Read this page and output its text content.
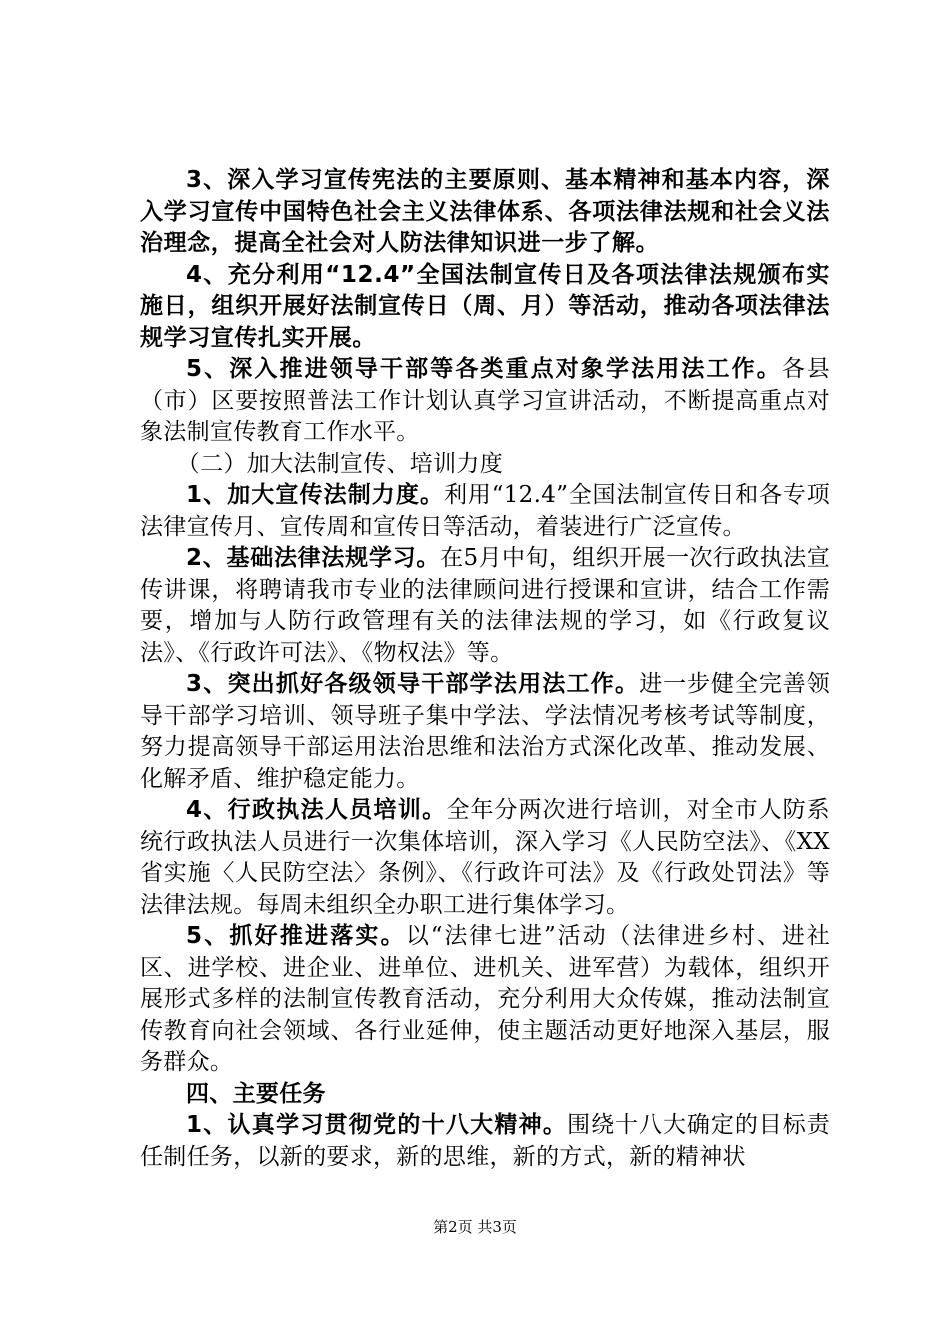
3、深入学习宣传宪法的主要原则、基本精神和基本内容，深入学习宣传中国特色社会主义法律体系、各项法律法规和社会义法治理念，提高全社会对人防法律知识进一步了解。

4、充分利用“12.4”全国法制宣传日及各项法律法规颁布实施日，组织开展好法制宣传日（周、月）等活动，推动各项法律法规学习宣传扎实开展。

5、深入推进领导干部等各类重点对象学法用法工作。各县（市）区要按照普法工作计划认真学习宣讲活动，不断提高重点对象法制宣传教育工作水平。

（二）加大法制宣传、培训力度

1、加大宣传法制力度。利用“12.4”全国法制宣传日和各专项法律宣传月、宣传周和宣传日等活动，着装进行广泛宣传。

2、基础法律法规学习。在5月中旬，组织开展一次行政执法宣传讲课，将聘请我市专业的法律顾问进行授课和宣讲，结合工作需要，增加与人防行政管理有关的法律法规的学习，如《行政复议法》、《行政许可法》、《物权法》等。

3、突出抓好各级领导干部学法用法工作。进一步健全完善领导干部学习培训、领导班子集中学法、学法情况考核考试等制度，努力提高领导干部运用法治思维和法治方式深化改革、推动发展、化解矛盾、维护稳定能力。

4、行政执法人员培训。全年分两次进行培训，对全市人防系统行政执法人员进行一次集体培训，深入学习《人民防空法》、《XX省实施〈人民防空法〉条例》、《行政许可法》及《行政处罚法》等法律法规。每周未组织全办职工进行集体学习。

5、抓好推进落实。以“法律七进”活动（法律进乡村、进社区、进学校、进企业、进单位、进机关、进军营）为载体，组织开展形式多样的法制宣传教育活动，充分利用大众传媒，推动法制宣传教育向社会领域、各行业延伸，使主题活动更好地深入基层，服务群众。

四、主要任务

1、认真学习贯彻党的十八大精神。围绕十八大确定的目标责任制任务，以新的要求，新的思维，新的方式，新的精神状

第2页 共3页
